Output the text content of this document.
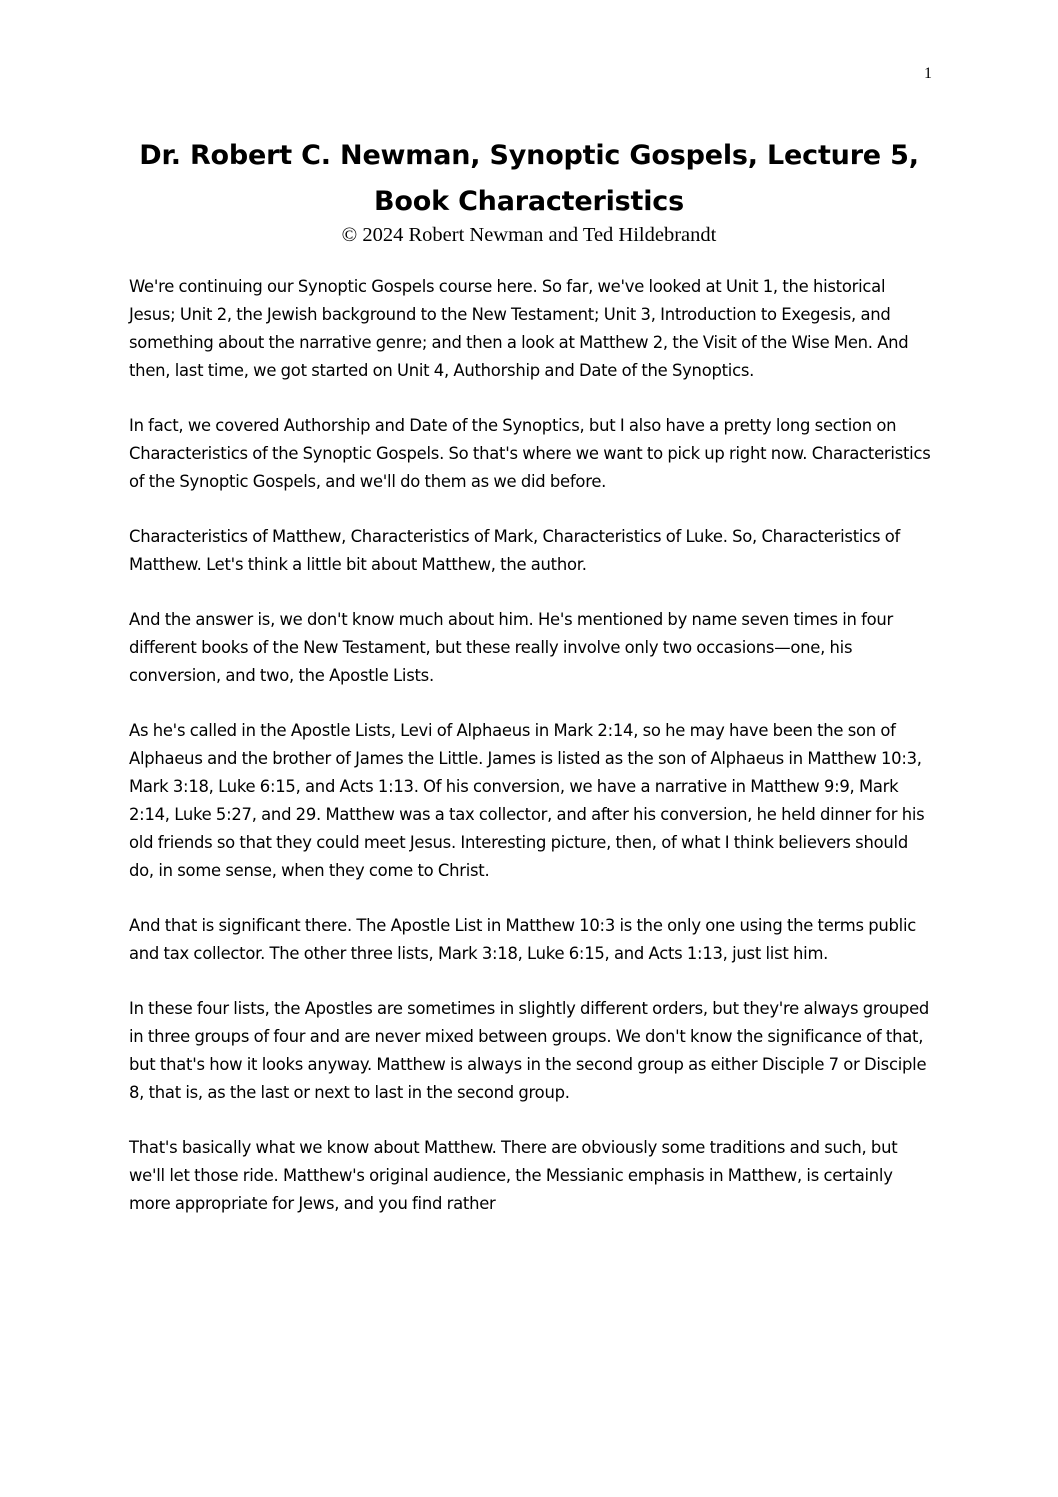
1
Dr. Robert C. Newman, Synoptic Gospels, Lecture 5, Book Characteristics
© 2024 Robert Newman and Ted Hildebrandt

We're continuing our Synoptic Gospels course here. So far, we've looked at Unit 1, the historical Jesus; Unit 2, the Jewish background to the New Testament; Unit 3, Introduction to Exegesis, and something about the narrative genre; and then a look at Matthew 2, the Visit of the Wise Men. And then, last time, we got started on Unit 4, Authorship and Date of the Synoptics.

In fact, we covered Authorship and Date of the Synoptics, but I also have a pretty long section on Characteristics of the Synoptic Gospels. So that's where we want to pick up right now. Characteristics of the Synoptic Gospels, and we'll do them as we did before.

Characteristics of Matthew, Characteristics of Mark, Characteristics of Luke. So, Characteristics of Matthew. Let's think a little bit about Matthew, the author.

And the answer is, we don't know much about him. He's mentioned by name seven times in four different books of the New Testament, but these really involve only two occasions—one, his conversion, and two, the Apostle Lists.

As he's called in the Apostle Lists, Levi of Alphaeus in Mark 2:14, so he may have been the son of Alphaeus and the brother of James the Little. James is listed as the son of Alphaeus in Matthew 10:3, Mark 3:18, Luke 6:15, and Acts 1:13. Of his conversion, we have a narrative in Matthew 9:9, Mark 2:14, Luke 5:27, and 29. Matthew was a tax collector, and after his conversion, he held dinner for his old friends so that they could meet Jesus. Interesting picture, then, of what I think believers should do, in some sense, when they come to Christ.

And that is significant there. The Apostle List in Matthew 10:3 is the only one using the terms public and tax collector. The other three lists, Mark 3:18, Luke 6:15, and Acts 1:13, just list him.

In these four lists, the Apostles are sometimes in slightly different orders, but they're always grouped in three groups of four and are never mixed between groups. We don't know the significance of that, but that's how it looks anyway. Matthew is always in the second group as either Disciple 7 or Disciple 8, that is, as the last or next to last in the second group.

That's basically what we know about Matthew. There are obviously some traditions and such, but we'll let those ride. Matthew's original audience, the Messianic emphasis in Matthew, is certainly more appropriate for Jews, and you find rather
